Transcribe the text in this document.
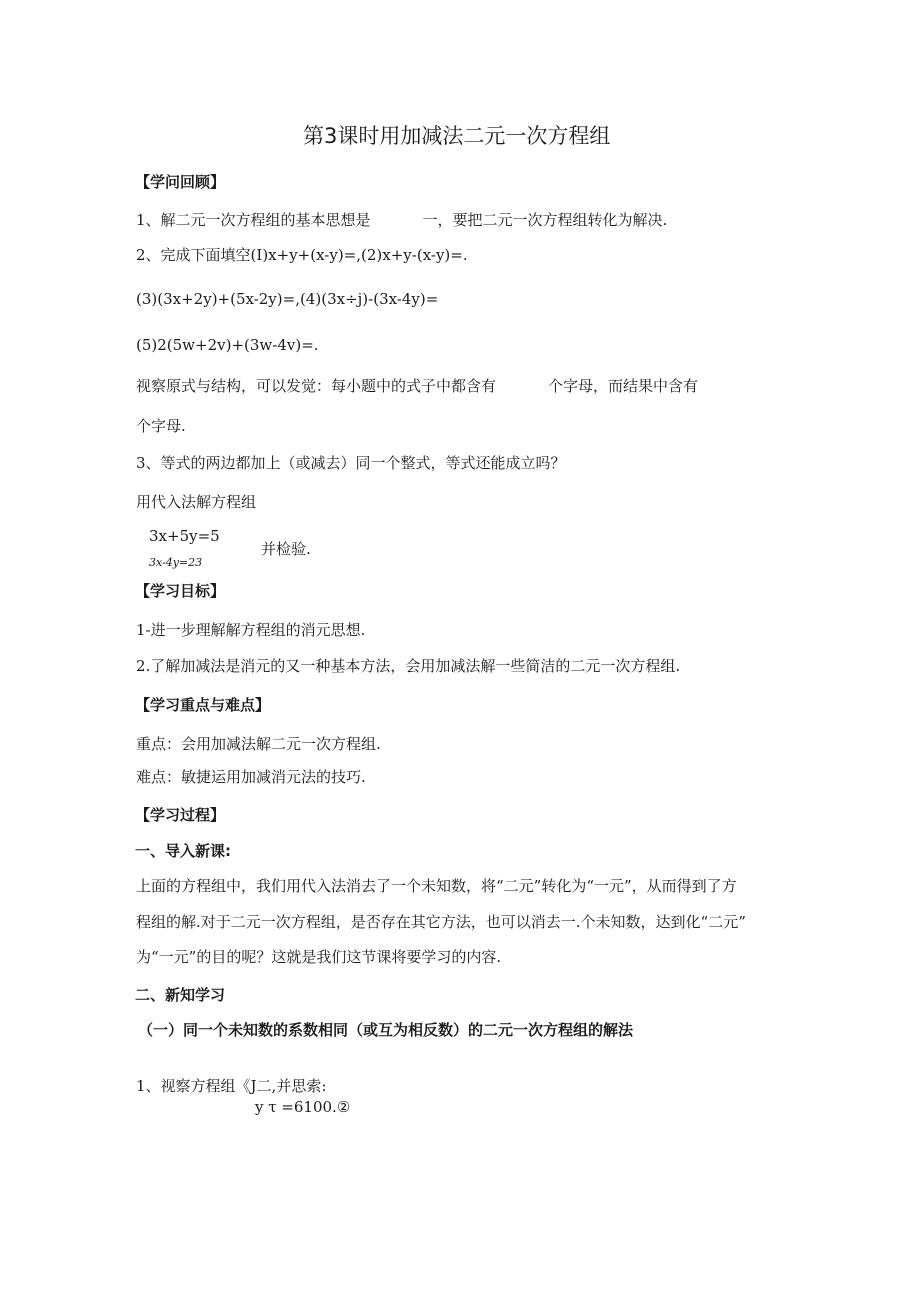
第3课时用加减法二元一次方程组
【学问回顾】

1、解二元一次方程组的基本思想是	一，要把二元一次方程组转化为解决.

2、完成下面填空(I)x+y+(x-y)=,(2)x+y-(x-y)=.

(3)(3x+2y)+(5x-2y)=,(4)(3x÷j)-(3x-4y)=

(5)2(5w+2v)+(3w-4v)=.

视察原式与结构，可以发觉：每小题中的式子中都含有	个字母，而结果中含有

个字母.

3、等式的两边都加上（或减去）同一个整式，等式还能成立吗？

用代入法解方程组

3x+5y=5
3x-4y=23
并检验.
【学习目标】

1-进一步理解解方程组的消元思想.

2.了解加减法是消元的又一种基本方法，会用加减法解一些简洁的二元一次方程组.

【学习重点与难点】

重点：会用加减法解二元一次方程组.

难点：敏捷运用加减消元法的技巧.

【学习过程】
一、导入新课:

上面的方程组中，我们用代入法消去了一个未知数，将“二元”转化为“一元”，从而得到了方

程组的解.对于二元一次方程组，是否存在其它方法，也可以消去一.个未知数，达到化“二元”

为“一元”的目的呢？这就是我们这节课将要学习的内容.

二、新知学习
（一）同一个未知数的系数相同（或互为相反数）的二元一次方程组的解法

1、视察方程组《J二,并思索:

y τ =6100.②
